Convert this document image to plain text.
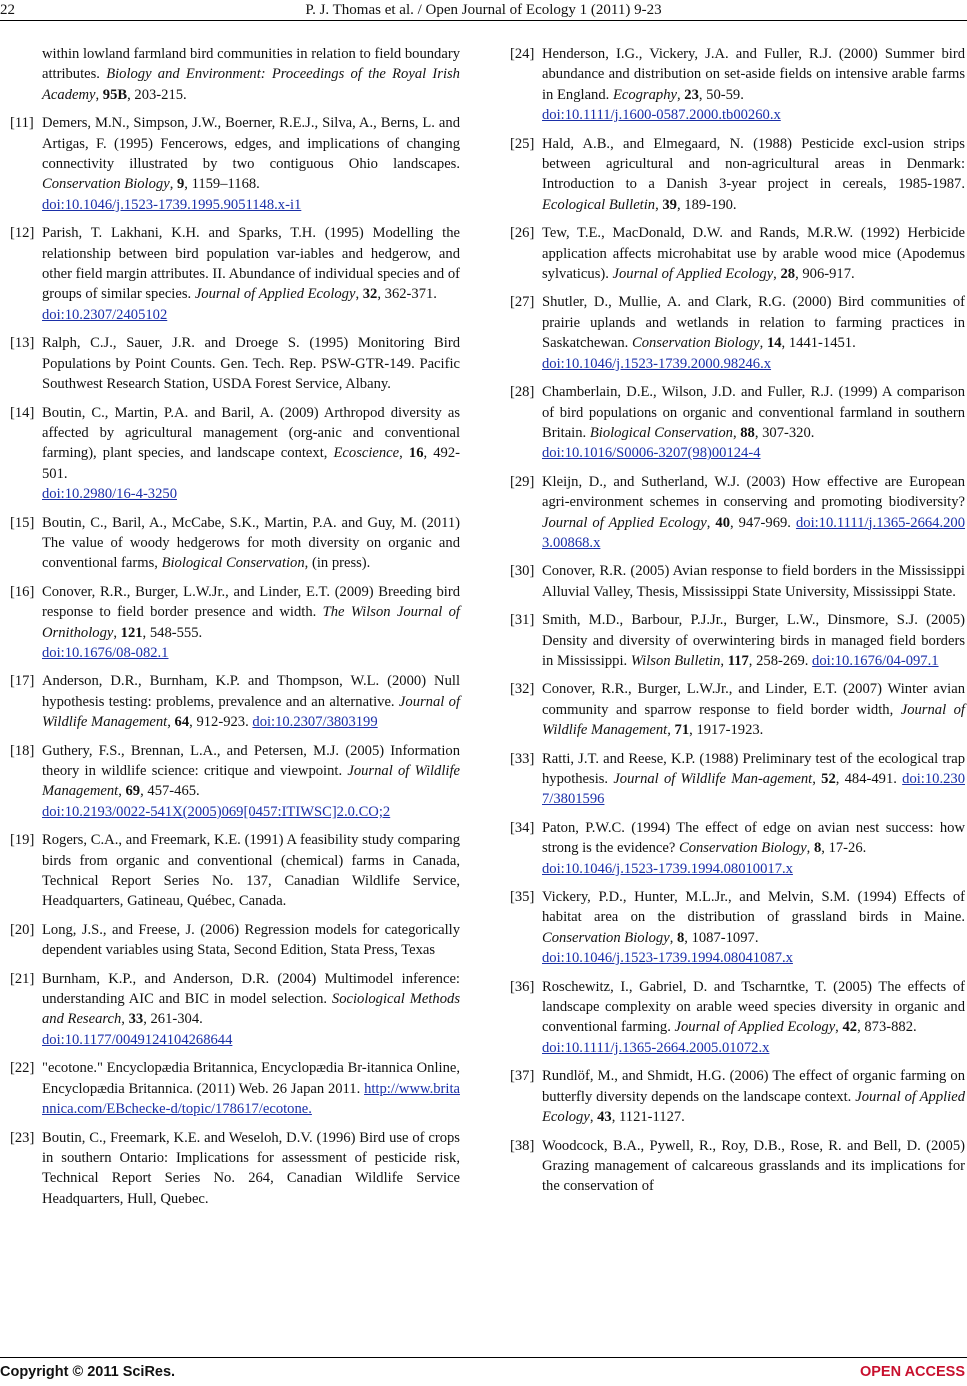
22	P. J. Thomas et al. / Open Journal of Ecology 1 (2011) 9-23
within lowland farmland bird communities in relation to field boundary attributes. Biology and Environment: Proceedings of the Royal Irish Academy, 95B, 203-215.
[11] Demers, M.N., Simpson, J.W., Boerner, R.E.J., Silva, A., Berns, L. and Artigas, F. (1995) Fencerows, edges, and implications of changing connectivity illustrated by two contiguous Ohio landscapes. Conservation Biology, 9, 1159–1168.
doi:10.1046/j.1523-1739.1995.9051148.x-i1
[12] Parish, T. Lakhani, K.H. and Sparks, T.H. (1995) Modelling the relationship between bird population var-iables and hedgerow, and other field margin attributes. II. Abundance of individual species and of groups of similar species. Journal of Applied Ecology, 32, 362-371.
doi:10.2307/2405102
[13] Ralph, C.J., Sauer, J.R. and Droege S. (1995) Monitoring Bird Populations by Point Counts. Gen. Tech. Rep. PSW-GTR-149. Pacific Southwest Research Station, USDA Forest Service, Albany.
[14] Boutin, C., Martin, P.A. and Baril, A. (2009) Arthropod diversity as affected by agricultural management (org-anic and conventional farming), plant species, and landscape context, Ecoscience, 16, 492-501.
doi:10.2980/16-4-3250
[15] Boutin, C., Baril, A., McCabe, S.K., Martin, P.A. and Guy, M. (2011) The value of woody hedgerows for moth diversity on organic and conventional farms, Biological Conservation, (in press).
[16] Conover, R.R., Burger, L.W.Jr., and Linder, E.T. (2009) Breeding bird response to field border presence and width. The Wilson Journal of Ornithology, 121, 548-555.
doi:10.1676/08-082.1
[17] Anderson, D.R., Burnham, K.P. and Thompson, W.L. (2000) Null hypothesis testing: problems, prevalence and an alternative. Journal of Wildlife Management, 64, 912-923. doi:10.2307/3803199
[18] Guthery, F.S., Brennan, L.A., and Petersen, M.J. (2005) Information theory in wildlife science: critique and viewpoint. Journal of Wildlife Management, 69, 457-465.
doi:10.2193/0022-541X(2005)069[0457:ITIWSC]2.0.CO;2
[19] Rogers, C.A., and Freemark, K.E. (1991) A feasibility study comparing birds from organic and conventional (chemical) farms in Canada, Technical Report Series No. 137, Canadian Wildlife Service, Headquarters, Gatineau, Québec, Canada.
[20] Long, J.S., and Freese, J. (2006) Regression models for categorically dependent variables using Stata, Second Edition, Stata Press, Texas
[21] Burnham, K.P., and Anderson, D.R. (2004) Multimodel inference: understanding AIC and BIC in model selection. Sociological Methods and Research, 33, 261-304.
doi:10.1177/0049124104268644
[22] "ecotone." Encyclopædia Britannica, Encyclopædia Br-itannica Online, Encyclopædia Britannica. (2011) Web. 26 Japan 2011. http://www.britannica.com/EBchecke-d/topic/178617/ecotone.
[23] Boutin, C., Freemark, K.E. and Weseloh, D.V. (1996) Bird use of crops in southern Ontario: Implications for assessment of pesticide risk, Technical Report Series No. 264, Canadian Wildlife Service Headquarters, Hull, Quebec.
[24] Henderson, I.G., Vickery, J.A. and Fuller, R.J. (2000) Summer bird abundance and distribution on set-aside fields on intensive arable farms in England. Ecography, 23, 50-59.
doi:10.1111/j.1600-0587.2000.tb00260.x
[25] Hald, A.B., and Elmegaard, N. (1988) Pesticide excl-usion strips between agricultural and non-agricultural areas in Denmark: Introduction to a Danish 3-year project in cereals, 1985-1987. Ecological Bulletin, 39, 189-190.
[26] Tew, T.E., MacDonald, D.W. and Rands, M.R.W. (1992) Herbicide application affects microhabitat use by arable wood mice (Apodemus sylvaticus). Journal of Applied Ecology, 28, 906-917.
[27] Shutler, D., Mullie, A. and Clark, R.G. (2000) Bird communities of prairie uplands and wetlands in relation to farming practices in Saskatchewan. Conservation Biology, 14, 1441-1451.
doi:10.1046/j.1523-1739.2000.98246.x
[28] Chamberlain, D.E., Wilson, J.D. and Fuller, R.J. (1999) A comparison of bird populations on organic and conventional farmland in southern Britain. Biological Conservation, 88, 307-320.
doi:10.1016/S0006-3207(98)00124-4
[29] Kleijn, D., and Sutherland, W.J. (2003) How effective are European agri-environment schemes in conserving and promoting biodiversity? Journal of Applied Ecology, 40, 947-969. doi:10.1111/j.1365-2664.2003.00868.x
[30] Conover, R.R. (2005) Avian response to field borders in the Mississippi Alluvial Valley, Thesis, Mississippi State University, Mississippi State.
[31] Smith, M.D., Barbour, P.J.Jr., Burger, L.W., Dinsmore, S.J. (2005) Density and diversity of overwintering birds in managed field borders in Mississippi. Wilson Bulletin, 117, 258-269. doi:10.1676/04-097.1
[32] Conover, R.R., Burger, L.W.Jr., and Linder, E.T. (2007) Winter avian community and sparrow response to field border width, Journal of Wildlife Management, 71, 1917-1923.
[33] Ratti, J.T. and Reese, K.P. (1988) Preliminary test of the ecological trap hypothesis. Journal of Wildlife Man-agement, 52, 484-491. doi:10.2307/3801596
[34] Paton, P.W.C. (1994) The effect of edge on avian nest success: how strong is the evidence? Conservation Biology, 8, 17-26.
doi:10.1046/j.1523-1739.1994.08010017.x
[35] Vickery, P.D., Hunter, M.L.Jr., and Melvin, S.M. (1994) Effects of habitat area on the distribution of grassland birds in Maine. Conservation Biology, 8, 1087-1097.
doi:10.1046/j.1523-1739.1994.08041087.x
[36] Roschewitz, I., Gabriel, D. and Tscharntke, T. (2005) The effects of landscape complexity on arable weed species diversity in organic and conventional farming. Journal of Applied Ecology, 42, 873-882.
doi:10.1111/j.1365-2664.2005.01072.x
[37] Rundlöf, M., and Shmidt, H.G. (2006) The effect of organic farming on butterfly diversity depends on the landscape context. Journal of Applied Ecology, 43, 1121-1127.
[38] Woodcock, B.A., Pywell, R., Roy, D.B., Rose, R. and Bell, D. (2005) Grazing management of calcareous grasslands and its implications for the conservation of
Copyright © 2011 SciRes.	OPEN ACCESS
